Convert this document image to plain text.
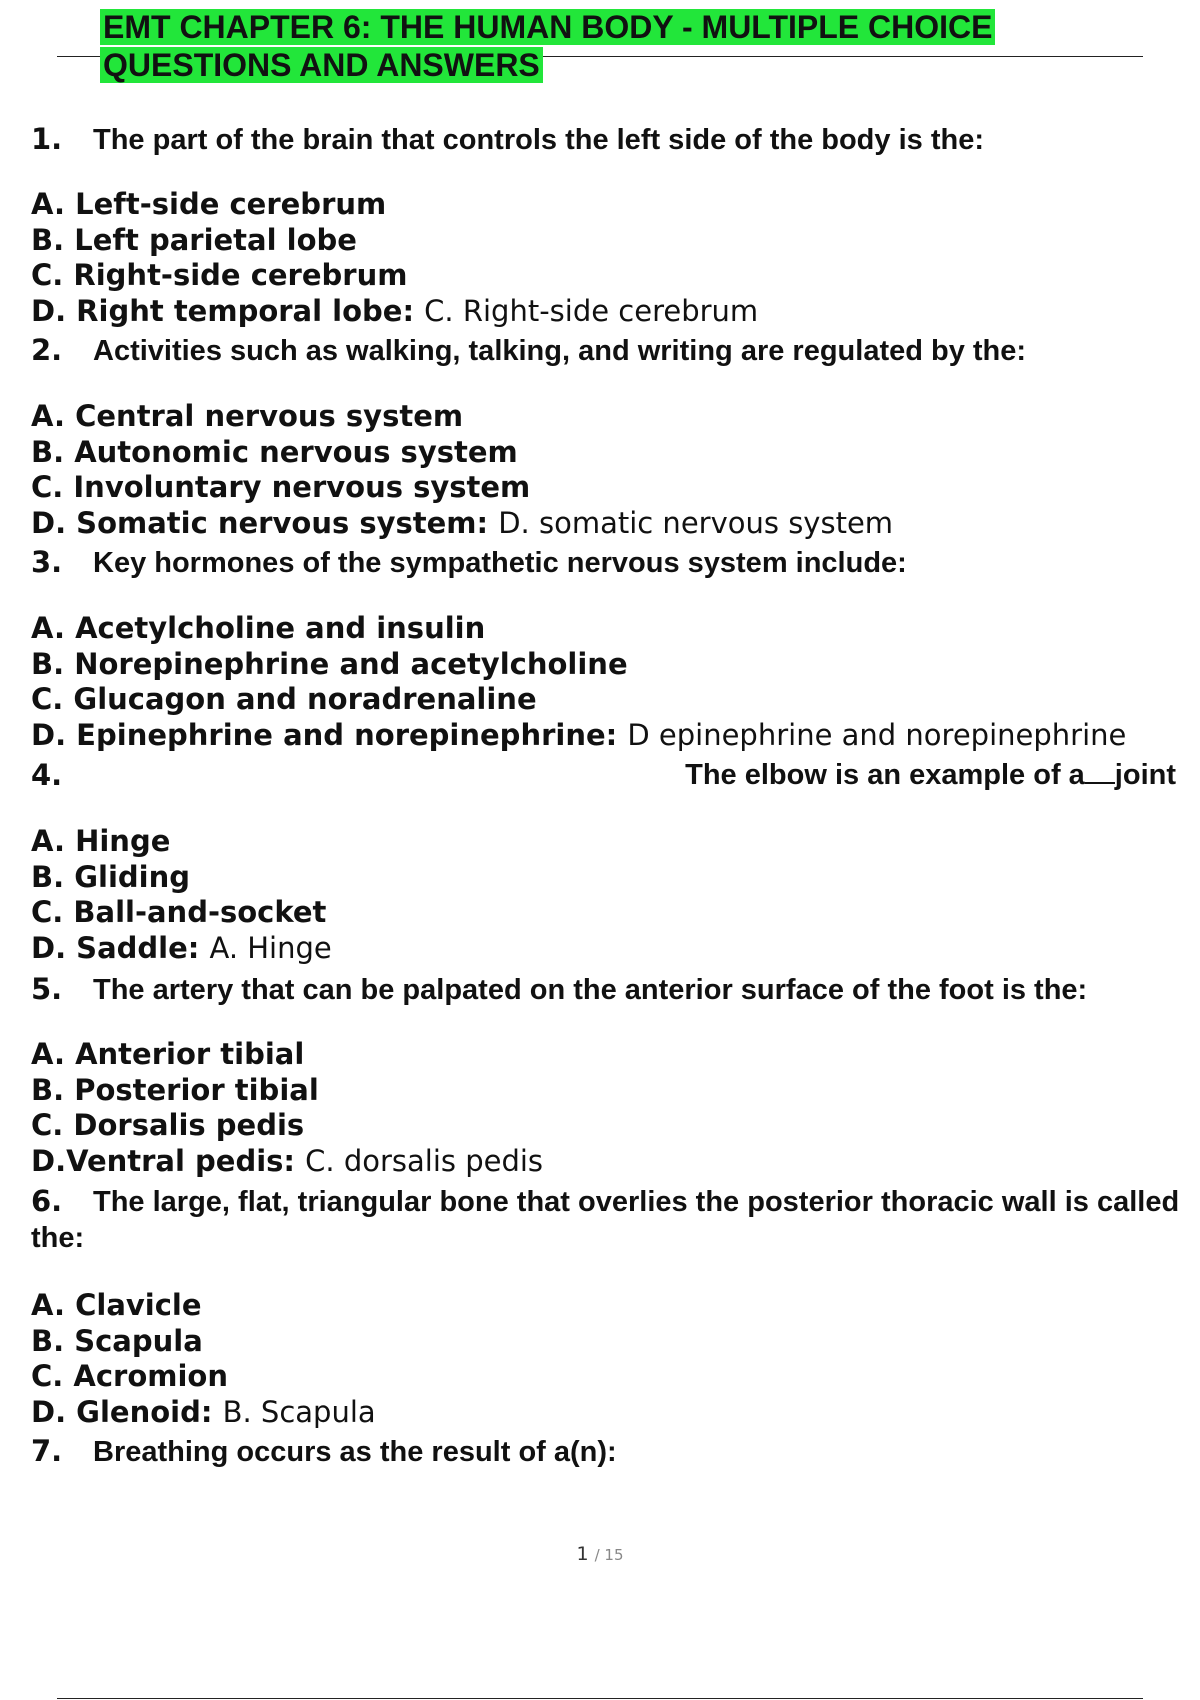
EMT CHAPTER 6: THE HUMAN BODY - MULTIPLE CHOICE
QUESTIONS AND ANSWERS
1. The part of the brain that controls the left side of the body is the:
A. Left-side cerebrum
B. Left parietal lobe
C. Right-side cerebrum
D. Right temporal lobe: C. Right-side cerebrum
2. Activities such as walking, talking, and writing are regulated by the:
A. Central nervous system
B. Autonomic nervous system
C. Involuntary nervous system
D. Somatic nervous system: D. somatic nervous system
3. Key hormones of the sympathetic nervous system include:
A. Acetylcholine and insulin
B. Norepinephrine and acetylcholine
C. Glucagon and noradrenaline
D. Epinephrine and norepinephrine: D epinephrine and norepinephrine
4.	The elbow is an example of a joint
A. Hinge
B. Gliding
C. Ball-and-socket
D. Saddle: A. Hinge
5. The artery that can be palpated on the anterior surface of the foot is the:
A. Anterior tibial
B. Posterior tibial
C. Dorsalis pedis
D.Ventral pedis: C. dorsalis pedis
6. The large, flat, triangular bone that overlies the posterior thoracic wall is called the:
A. Clavicle
B. Scapula
C. Acromion
D. Glenoid: B. Scapula
7. Breathing occurs as the result of a(n):
1 / 15
